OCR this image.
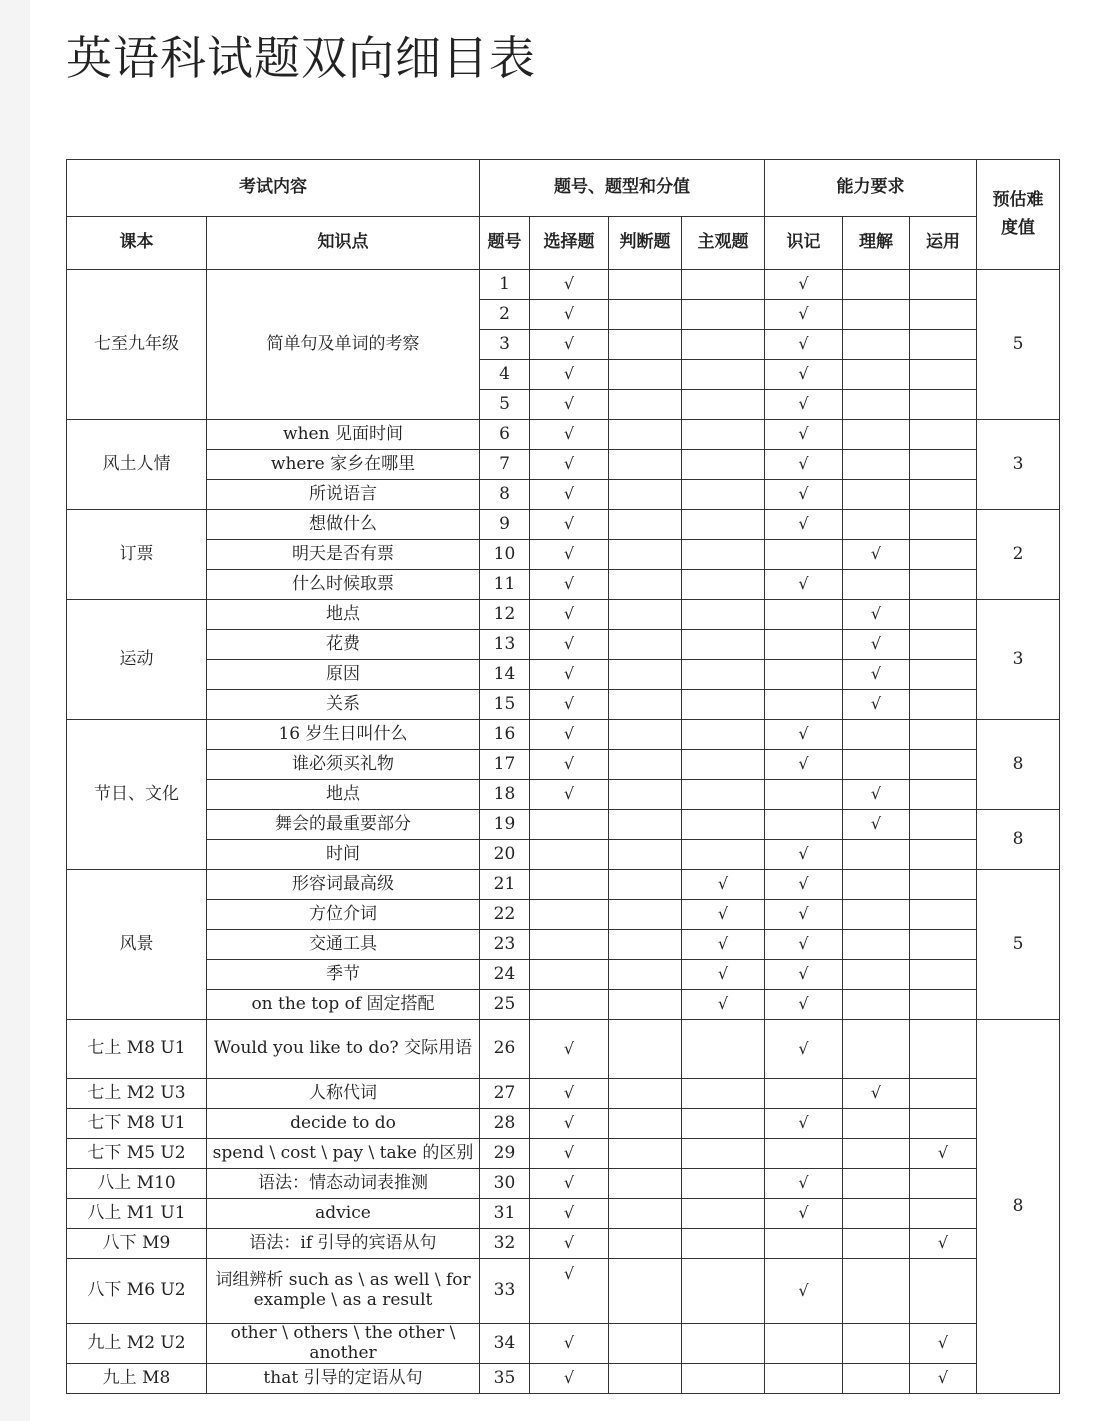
英语科试题双向细目表
考试内容		题号、题型和分值				能力要求			预估难度值
课本	知识点	题号	选择题	判断题	主观题	识记	理解	运用	
七至九年级	简单句及单词的考察	1	√			√			5
		2	√			√			
		3	√			√			
		4	√			√			
		5	√			√			
风土人情	when 见面时间	6	√			√			3
	where 家乡在哪里	7	√			√			
	所说语言	8	√			√			
订票	想做什么	9	√			√			2
	明天是否有票	10	√				√		
	什么时候取票	11	√			√			
运动	地点	12	√				√		3
	花费	13	√				√		
	原因	14	√				√		
	关系	15	√				√		
节日、文化	16 岁生日叫什么	16	√			√			8
	谁必须买礼物	17	√			√			
	地点	18	√				√		
	舞会的最重要部分	19					√		8
	时间	20				√			
风景	形容词最高级	21			√	√			5
	方位介词	22			√	√			
	交通工具	23			√	√			
	季节	24			√	√			
	on the top of 固定搭配	25			√	√			
七上 M8 U1	Would you like to do? 交际用语	26	√			√			8
七上 M2 U3	人称代词	27	√				√		
七下 M8 U1	decide to do	28	√			√			
七下 M5 U2	spend \ cost \ pay \ take 的区别	29	√					√	
八上 M10	语法：情态动词表推测	30	√			√			
八上 M1 U1	advice	31	√			√			
八下 M9	语法：if 引导的宾语从句	32	√					√	
八下 M6 U2	词组辨析 such as \ as well \ for example \ as a result	33	√			√			
九上 M2 U2	other \ others \ the other \ another	34	√					√	
九上 M8	that 引导的定语从句	35	√					√	
